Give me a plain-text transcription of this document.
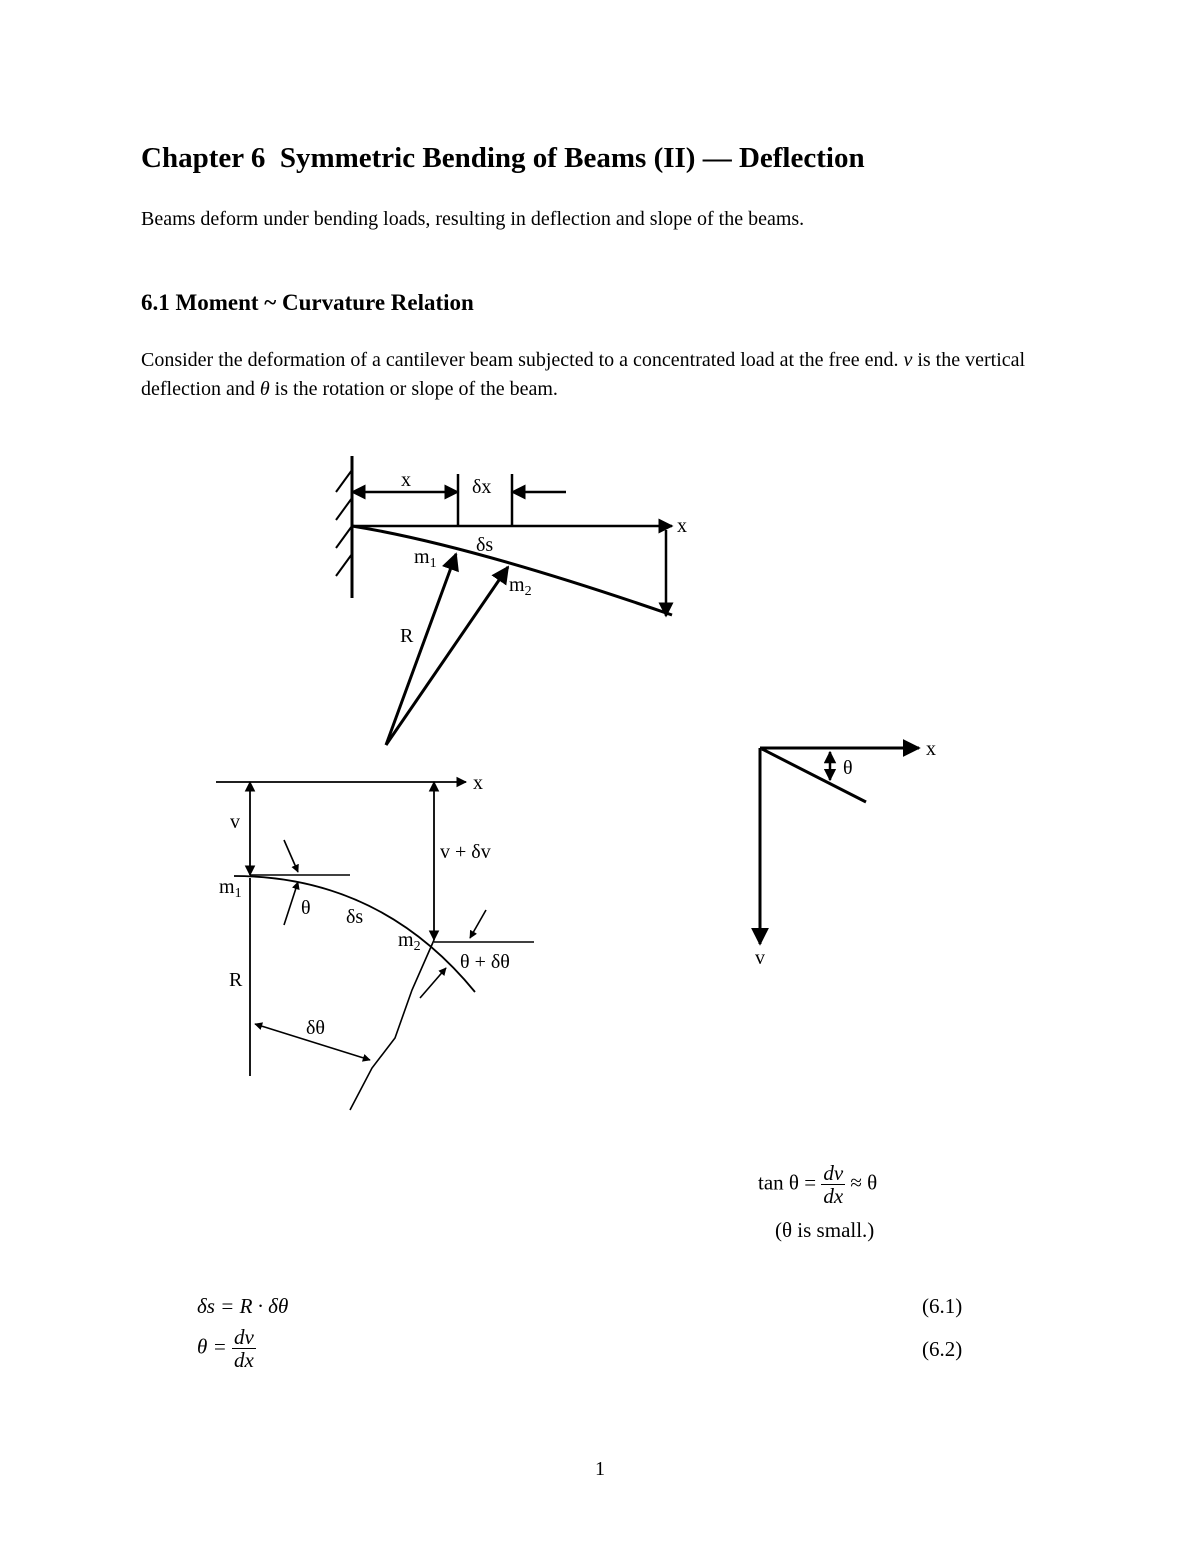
Chapter 6  Symmetric Bending of Beams (II) — Deflection
Beams deform under bending loads, resulting in deflection and slope of the beams.
6.1 Moment ~ Curvature Relation
Consider the deformation of a cantilever beam subjected to a concentrated load at the free end. v is the vertical deflection and θ is the rotation or slope of the beam.
x	δx
x
δs
$m_1$
$m_2$
R
x
v
v + δv
$m_1$
θ δs
$m_2$
θ + δθ
R
δθ
x
θ
v
$\tan \theta = \frac{dv}{dx} \approx \theta$
(θ is small.)
δs = R · δθ	(6.1)
$\theta = \frac{dv}{dx}$	(6.2)
1
